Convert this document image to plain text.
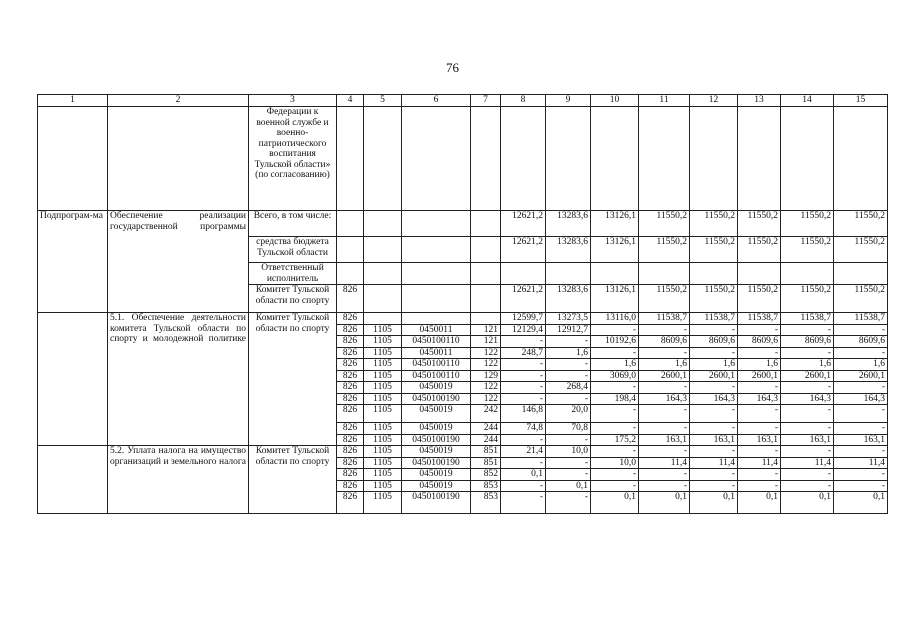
76
1	2	3	4	5	6	7	8	9	10	11	12	13	14	15
		Федерации к военной службе и военно-патриотического воспитания Тульской области» (по согласованию)												
Подпрограм-ма	Обеспечение реализации государственной программы	Всего, в том числе:					12621,2	13283,6	13126,1	11550,2	11550,2	11550,2	11550,2	11550,2
		средства бюджета Тульской области					12621,2	13283,6	13126,1	11550,2	11550,2	11550,2	11550,2	11550,2
		Ответственный исполнитель												
		Комитет Тульской области по спорту	826				12621,2	13283,6	13126,1	11550,2	11550,2	11550,2	11550,2	11550,2
	5.1. Обеспечение деятельности комитета Тульской области по спорту и молодежной политике	Комитет Тульской области по спорту	826				12599,7	13273,5	13116,0	11538,7	11538,7	11538,7	11538,7	11538,7
			826	1105	0450011	121	12129,4	12912,7	-	-	-	-	-	-
			826	1105	0450100110	121	-	-	10192,6	8609,6	8609,6	8609,6	8609,6	8609,6
			826	1105	0450011	122	248,7	1,6	-	-	-	-	-	-
			826	1105	0450100110	122	-	-	1,6	1,6	1,6	1,6	1,6	1,6
			826	1105	0450100110	129	-	-	3069,0	2600,1	2600,1	2600,1	2600,1	2600,1
			826	1105	0450019	122	-	268,4	-	-	-	-	-	-
			826	1105	0450100190	122	-	-	198,4	164,3	164,3	164,3	164,3	164,3
			826	1105	0450019	242	146,8	20,0	-	-	-	-	-	-
			826	1105	0450019	244	74,8	70,8	-	-	-	-	-	-
			826	1105	0450100190	244	-	-	175,2	163,1	163,1	163,1	163,1	163,1
	5.2. Уплата налога на имущество организаций и земельного налога	Комитет Тульской области по спорту	826	1105	0450019	851	21,4	10,0	-	-	-	-	-	-
			826	1105	0450100190	851	-	-	10,0	11,4	11,4	11,4	11,4	11,4
			826	1105	0450019	852	0,1	-	-	-	-	-	-	-
			826	1105	0450019	853	-	0,1	-	-	-	-	-	-
			826	1105	0450100190	853	-	-	0,1	0,1	0,1	0,1	0,1	0,1
